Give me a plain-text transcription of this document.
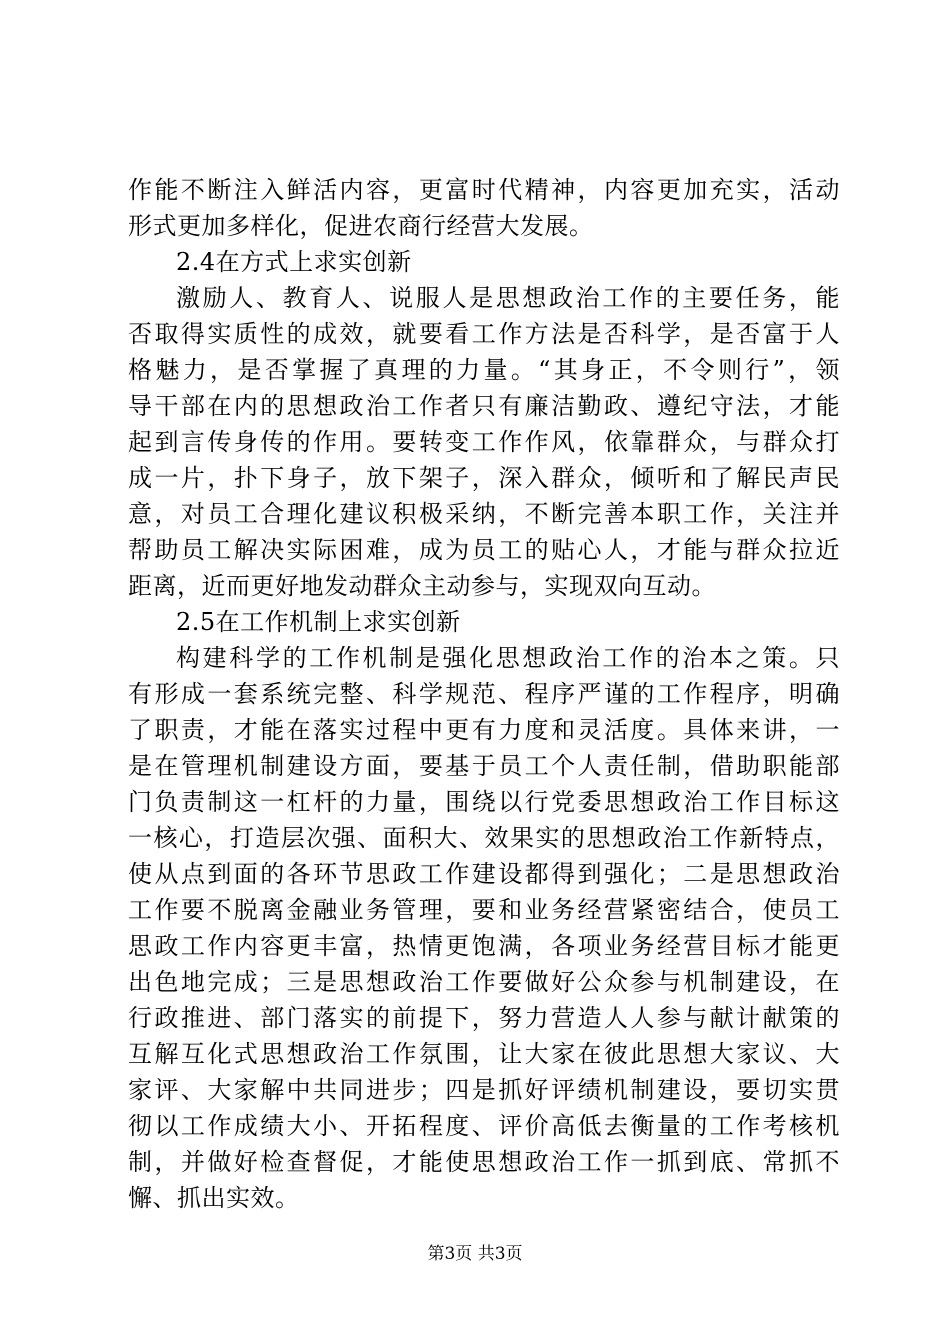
作能不断注入鲜活内容，更富时代精神，内容更加充实，活动
形式更加多样化，促进农商行经营大发展。
2.4在方式上求实创新
激励人、教育人、说服人是思想政治工作的主要任务，能
否取得实质性的成效，就要看工作方法是否科学，是否富于人
格魅力，是否掌握了真理的力量。“其身正，不令则行”，领
导干部在内的思想政治工作者只有廉洁勤政、遵纪守法，才能
起到言传身传的作用。要转变工作作风，依靠群众，与群众打
成一片，扑下身子，放下架子，深入群众，倾听和了解民声民
意，对员工合理化建议积极采纳，不断完善本职工作，关注并
帮助员工解决实际困难，成为员工的贴心人，才能与群众拉近
距离，近而更好地发动群众主动参与，实现双向互动。
2.5在工作机制上求实创新
构建科学的工作机制是强化思想政治工作的治本之策。只
有形成一套系统完整、科学规范、程序严谨的工作程序，明确
了职责，才能在落实过程中更有力度和灵活度。具体来讲，一
是在管理机制建设方面，要基于员工个人责任制，借助职能部
门负责制这一杠杆的力量，围绕以行党委思想政治工作目标这
一核心，打造层次强、面积大、效果实的思想政治工作新特点，
使从点到面的各环节思政工作建设都得到强化；二是思想政治
工作要不脱离金融业务管理，要和业务经营紧密结合，使员工
思政工作内容更丰富，热情更饱满，各项业务经营目标才能更
出色地完成；三是思想政治工作要做好公众参与机制建设，在
行政推进、部门落实的前提下，努力营造人人参与献计献策的
互解互化式思想政治工作氛围，让大家在彼此思想大家议、大
家评、大家解中共同进步；四是抓好评绩机制建设，要切实贯
彻以工作成绩大小、开拓程度、评价高低去衡量的工作考核机
制，并做好检查督促，才能使思想政治工作一抓到底、常抓不
懈、抓出实效。
第3页 共3页
